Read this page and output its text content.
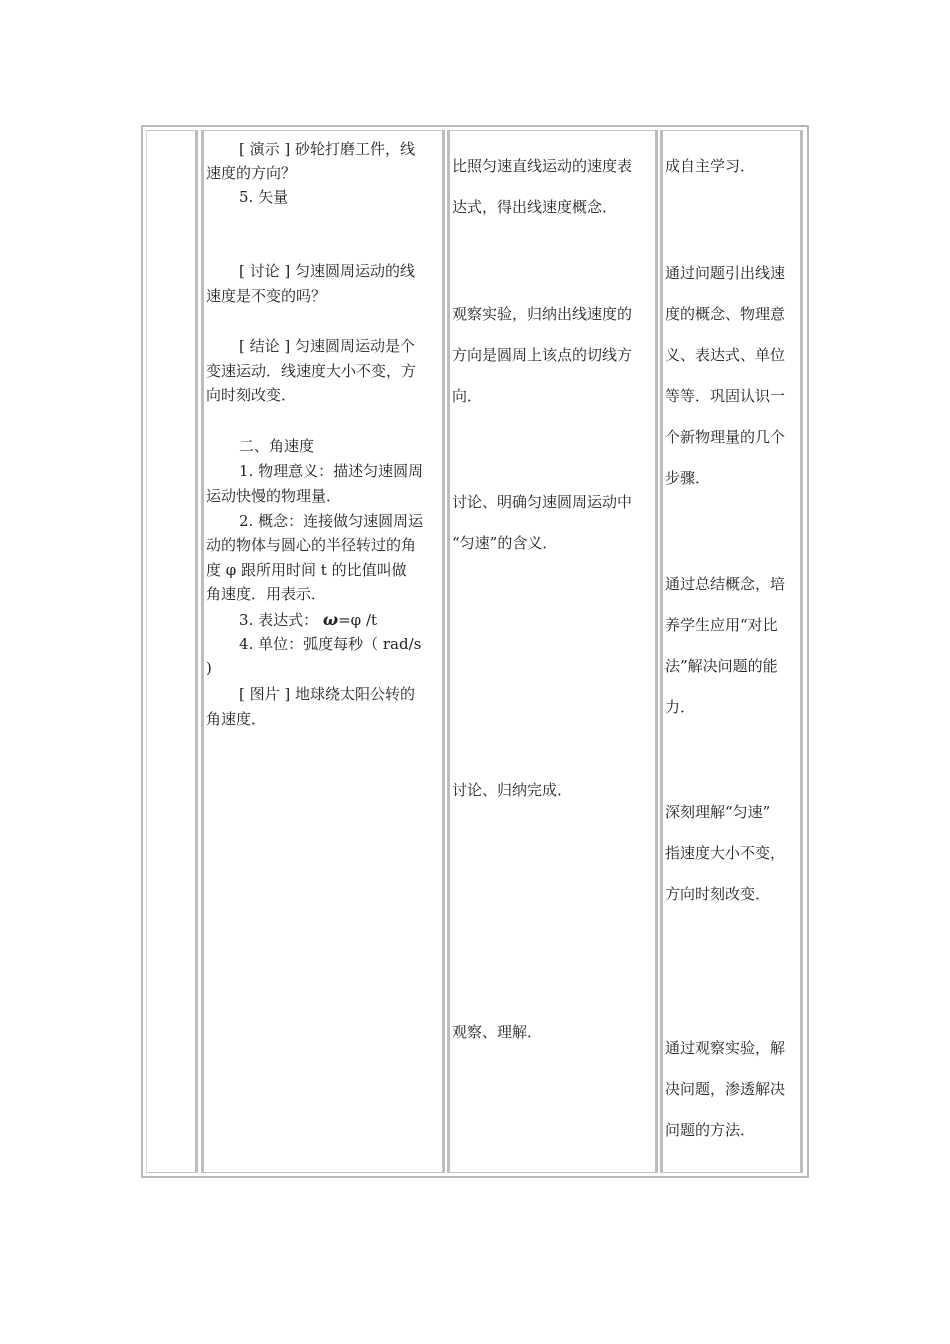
[ 演示 ] 砂轮打磨工件，线
速度的方向？
5. 矢量
[ 讨论 ] 匀速圆周运动的线
速度是不变的吗？
[ 结论 ] 匀速圆周运动是个
变速运动．线速度大小不变，方
向时刻改变．
二、角速度
1. 物理意义：描述匀速圆周
运动快慢的物理量．
2. 概念：连接做匀速圆周运
动的物体与圆心的半径转过的角
度 φ 跟所用时间 t 的比值叫做
角速度．用表示．
3. 表达式： ω=φ /t
4. 单位：弧度每秒（ rad/s
)
[ 图片 ] 地球绕太阳公转的
角速度．
比照匀速直线运动的速度表
达式，得出线速度概念．
观察实验，归纳出线速度的
方向是圆周上该点的切线方
向．
讨论、明确匀速圆周运动中
“匀速”的含义．
讨论、归纳完成．
观察、理解．
成自主学习．
通过问题引出线速
度的概念、物理意
义、表达式、单位
等等．巩固认识一
个新物理量的几个
步骤．
通过总结概念，培
养学生应用“对比
法”解决问题的能
力．
深刻理解“匀速”
指速度大小不变，
方向时刻改变．
通过观察实验，解
决问题，渗透解决
问题的方法．
